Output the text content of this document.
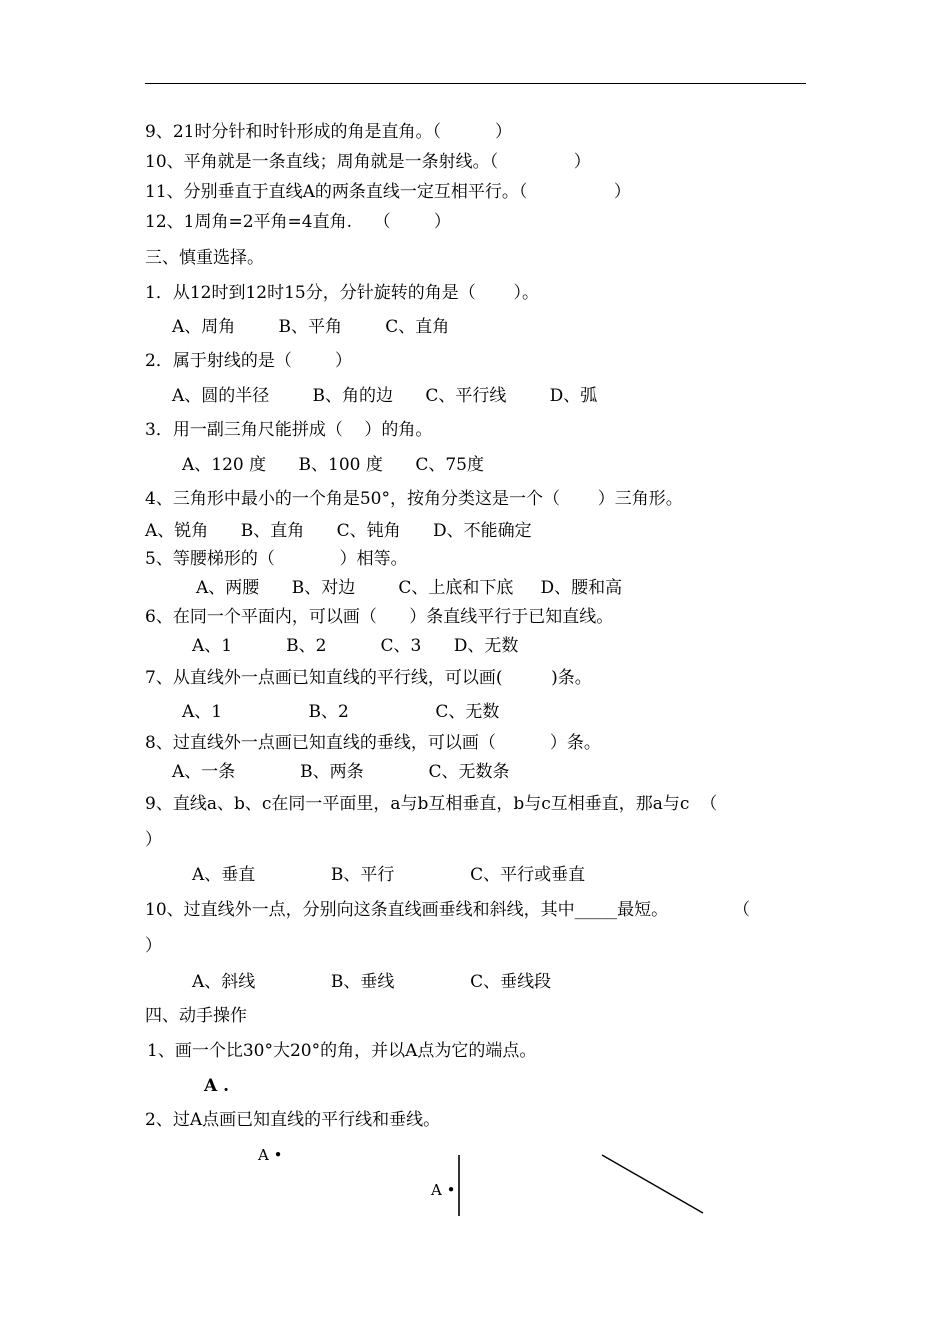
9、21时分针和时针形成的角是直角。（          ）
10、平角就是一条直线；周角就是一条射线。（              ）
11、分别垂直于直线A的两条直线一定互相平行。（                ）
12、1周角=2平角=4直角.    （        ）
三、慎重选择。
1．从12时到12时15分，分针旋转的角是（       ）。
A、周角        B、平角        C、直角
2．属于射线的是（        ）
A、圆的半径        B、角的边      C、平行线        D、弧
3．用一副三角尺能拼成（    ）的角。
A、120 度      B、100 度      C、75度
4、三角形中最小的一个角是50°，按角分类这是一个（       ）三角形。
A、锐角      B、直角      C、钝角      D、不能确定
5、等腰梯形的（            ）相等。
A、两腰      B、对边        C、上底和下底     D、腰和高
6、在同一个平面内，可以画（      ）条直线平行于已知直线。
A、1          B、2          C、3      D、无数
7、从直线外一点画已知直线的平行线，可以画(         )条。
A、1                B、2                C、无数
8、过直线外一点画已知直线的垂线，可以画（          ）条。
A、一条            B、两条            C、无数条
9、直线a、b、c在同一平面里，a与b互相垂直，b与c互相垂直，那a与c  （
）
A、垂直              B、平行              C、平行或垂直
10、过直线外一点，分别向这条直线画垂线和斜线，其中_____最短。            （
）
A、斜线              B、垂线              C、垂线段
四、动手操作
1、画一个比30°大20°的角，并以A点为它的端点。
A .
2、过A点画已知直线的平行线和垂线。
A •
A •
